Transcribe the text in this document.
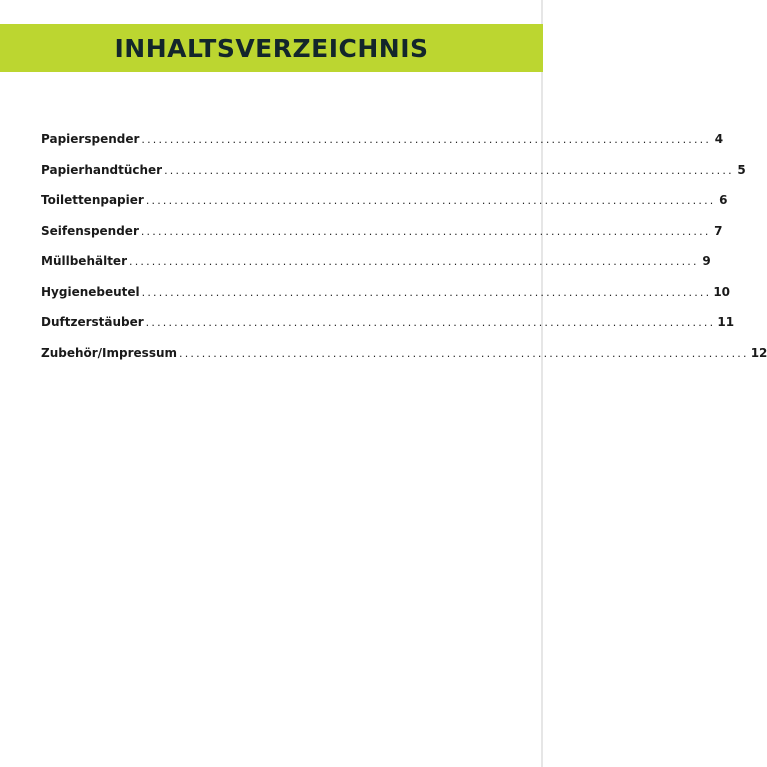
INHALTSVERZEICHNIS
Papierspender .................................................................................................... 4
Papierhandtücher .................................................................................................... 5
Toilettenpapier .................................................................................................... 6
Seifenspender .................................................................................................... 7
Müllbehälter .................................................................................................... 9
Hygienebeutel .................................................................................................... 10
Duftzerstäuber .................................................................................................... 11
Zubehör/Impressum .................................................................................................... 12
